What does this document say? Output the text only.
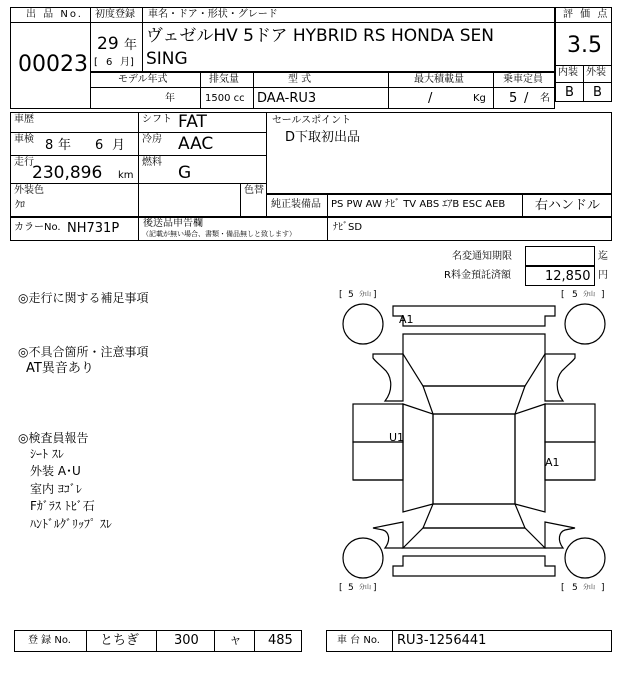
出 品 No.
00023
初度登録
29 年
[ 6 月]
車名・ドア・形状・グレード
ヴェゼルHV 5ドア HYBRID RS HONDA SEN
SING
評 価 点
3.5
内装 外装
B B
モデル年式
年
排気量
1500 cc
型 式
DAA-RU3
最大積載量
/	Kg
乗車定員
5 / 名
車歴
車検 8 年 6 月
走行
230,896 km
シフト FAT
冷房 AAC
燃料
G
セールスポイント
D下取初出品
外装色
ｸﾛ
色替
純正装備品 PS PW AW ﾅﾋﾞ TV ABS ｴｱB ESC AEB 右ハンドル
カラーNo. NH731P 後送品申告欄
（記載が無い場合、書類・備品無しと致します）
ﾅﾋﾞSD
名変通知期限	迄
R料金預託済額	12,850 円
◎走行に関する補足事項
◎不具合箇所・注意事項
AT異音あり
◎検査員報告
ｼｰﾄ ｽﾚ
外装 A･U
室内 ﾖｺﾞﾚ
Fｶﾞﾗｽ ﾄﾋﾞ石
ﾊﾝﾄﾞﾙｸﾞﾘｯﾌﾟ ｽﾚ
[ 5 分山 ]	[ 5 分山 ]
[ 5 分山 ]	[ 5 分山 ]
A1
U1
A1
登 録 No. とちぎ	300 ャ 485	車 台 No. RU3-1256441
